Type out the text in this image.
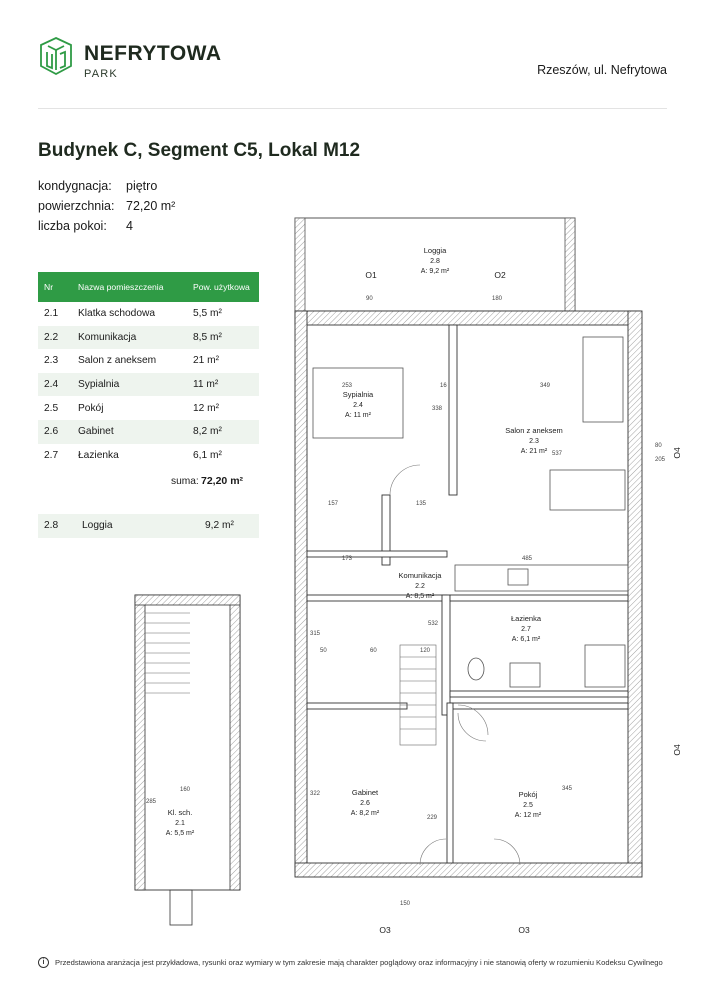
NEFRYTOWA
PARK	Rzeszów, ul. Nefrytowa
Budynek C, Segment C5, Lokal M12
kondygnacja:	piętro
powierzchnia: 72,20 m²
liczba pokoi:	4
Nr	Nazwa pomieszczenia	Pow. użytkowa
2.1	Klatka schodowa	5,5 m²
2.2	Komunikacja	8,5 m²
2.3	Salon z aneksem	21 m²
2.4	Sypialnia	11 m²
2.5	Pokój	12 m²
2.6	Gabinet	8,2 m²
2.7	Łazienka	6,1 m²
suma: 72,20 m²
2.8 Loggia	9,2 m²
Loggia
2.8
A: 9,2 m²
Sypialnia
2.4
A: 11 m²
Salon z aneksem
2.3
A: 21 m²
Komunikacja
2.2
A: 8,5 m²
Łazienka
2.7
A: 6,1 m²
Gabinet
2.6
A: 8,2 m²
Pokój
2.5
A: 12 m²
Kl. sch.
2.1
A: 5,5 m²
O1	O2
O4
O4
O3	O3
253	349
338
16
537
157	135
485
173
315
532
120
60
50
160
322
229
345
285
150
80
205
180
90
i	Przedstawiona aranżacja jest przykładowa, rysunki oraz wymiary w tym zakresie mają charakter poglądowy oraz informacyjny i nie stanowią oferty w rozumieniu Kodeksu Cywilnego
